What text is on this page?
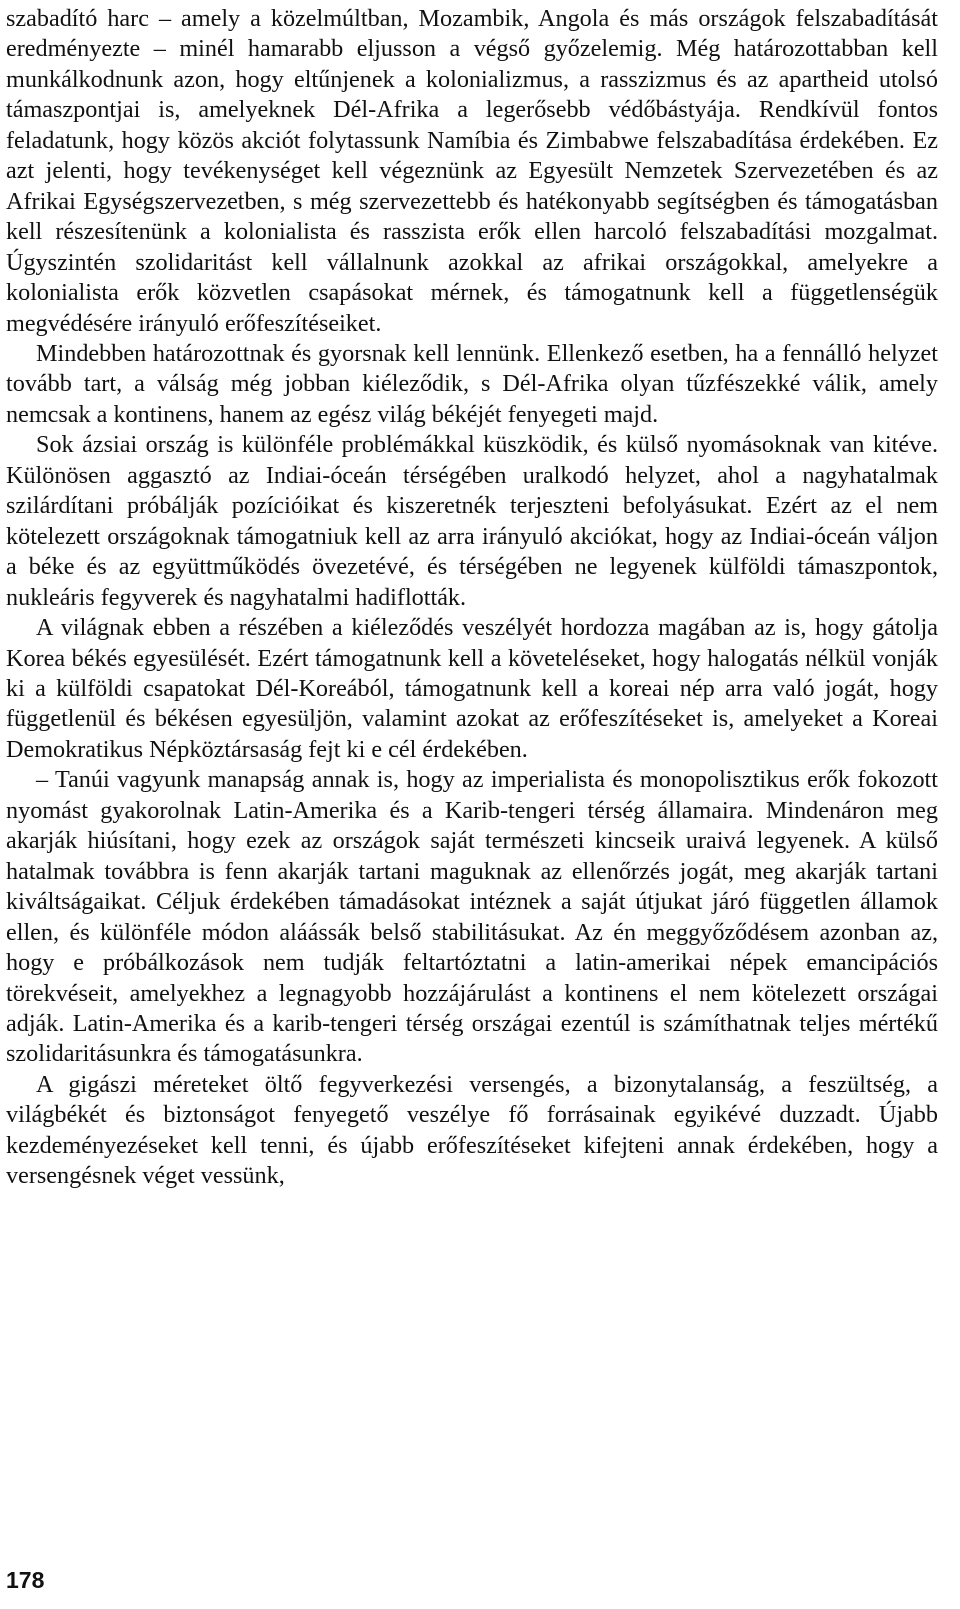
szabadító harc – amely a közelmúltban, Mozambik, Angola és más országok felszabadítását eredményezte – minél hamarabb eljusson a végső győzelemig. Még határozottabban kell munkálkodnunk azon, hogy eltűnjenek a kolonializmus, a rasszizmus és az apartheid utolsó támaszpontjai is, amelyeknek Dél-Afrika a legerősebb védőbástyája. Rendkívül fontos feladatunk, hogy közös akciót folytassunk Namíbia és Zimbabwe felszabadítása érdekében. Ez azt jelenti, hogy tevékenységet kell végeznünk az Egyesült Nemzetek Szervezetében és az Afrikai Egységszervezetben, s még szervezettebb és hatékonyabb segítségben és támogatásban kell részesítenünk a kolonialista és rasszista erők ellen harcoló felszabadítási mozgalmat. Úgyszintén szolidaritást kell vállalnunk azokkal az afrikai országokkal, amelyekre a kolonialista erők közvetlen csapásokat mérnek, és támogatnunk kell a függetlenségük megvédésére irányuló erőfeszítéseiket.

Mindebben határozottnak és gyorsnak kell lennünk. Ellenkező esetben, ha a fennálló helyzet tovább tart, a válság még jobban kiéleződik, s Dél-Afrika olyan tűzfészekké válik, amely nemcsak a kontinens, hanem az egész világ békéjét fenyegeti majd.

Sok ázsiai ország is különféle problémákkal küszködik, és külső nyomásoknak van kitéve. Különösen aggasztó az Indiai-óceán térségében uralkodó helyzet, ahol a nagyhatalmak szilárdítani próbálják pozícióikat és kiszeretnék terjeszteni befolyásukat. Ezért az el nem kötelezett országoknak támogatniuk kell az arra irányuló akciókat, hogy az Indiai-óceán váljon a béke és az együttműködés övezetévé, és térségében ne legyenek külföldi támaszpontok, nukleáris fegyverek és nagyhatalmi hadiflották.

A világnak ebben a részében a kiéleződés veszélyét hordozza magában az is, hogy gátolja Korea békés egyesülését. Ezért támogatnunk kell a követeléseket, hogy halogatás nélkül vonják ki a külföldi csapatokat Dél-Koreából, támogatnunk kell a koreai nép arra való jogát, hogy függetlenül és békésen egyesüljön, valamint azokat az erőfeszítéseket is, amelyeket a Koreai Demokratikus Népköztársaság fejt ki e cél érdekében.

– Tanúi vagyunk manapság annak is, hogy az imperialista és monopolisztikus erők fokozott nyomást gyakorolnak Latin-Amerika és a Karib-tengeri térség államaira. Mindenáron meg akarják hiúsítani, hogy ezek az országok saját természeti kincseik uraivá legyenek. A külső hatalmak továbbra is fenn akarják tartani maguknak az ellenőrzés jogát, meg akarják tartani kiváltságaikat. Céljuk érdekében támadásokat intéznek a saját útjukat járó független államok ellen, és különféle módon aláássák belső stabilitásukat. Az én meggyőződésem azonban az, hogy e próbálkozások nem tudják feltartóztatni a latin-amerikai népek emancipációs törekvéseit, amelyekhez a legnagyobb hozzájárulást a kontinens el nem kötelezett országai adják. Latin-Amerika és a karib-tengeri térség országai ezentúl is számíthatnak teljes mértékű szolidaritásunkra és támogatásunkra.

A gigászi méreteket öltő fegyverkezési versengés, a bizonytalanság, a feszültség, a világbékét és biztonságot fenyegető veszélye fő forrásainak egyikévé duzzadt. Újabb kezdeményezéseket kell tenni, és újabb erőfeszítéseket kifejteni annak érdekében, hogy a versengésnek véget vessünk,

178
